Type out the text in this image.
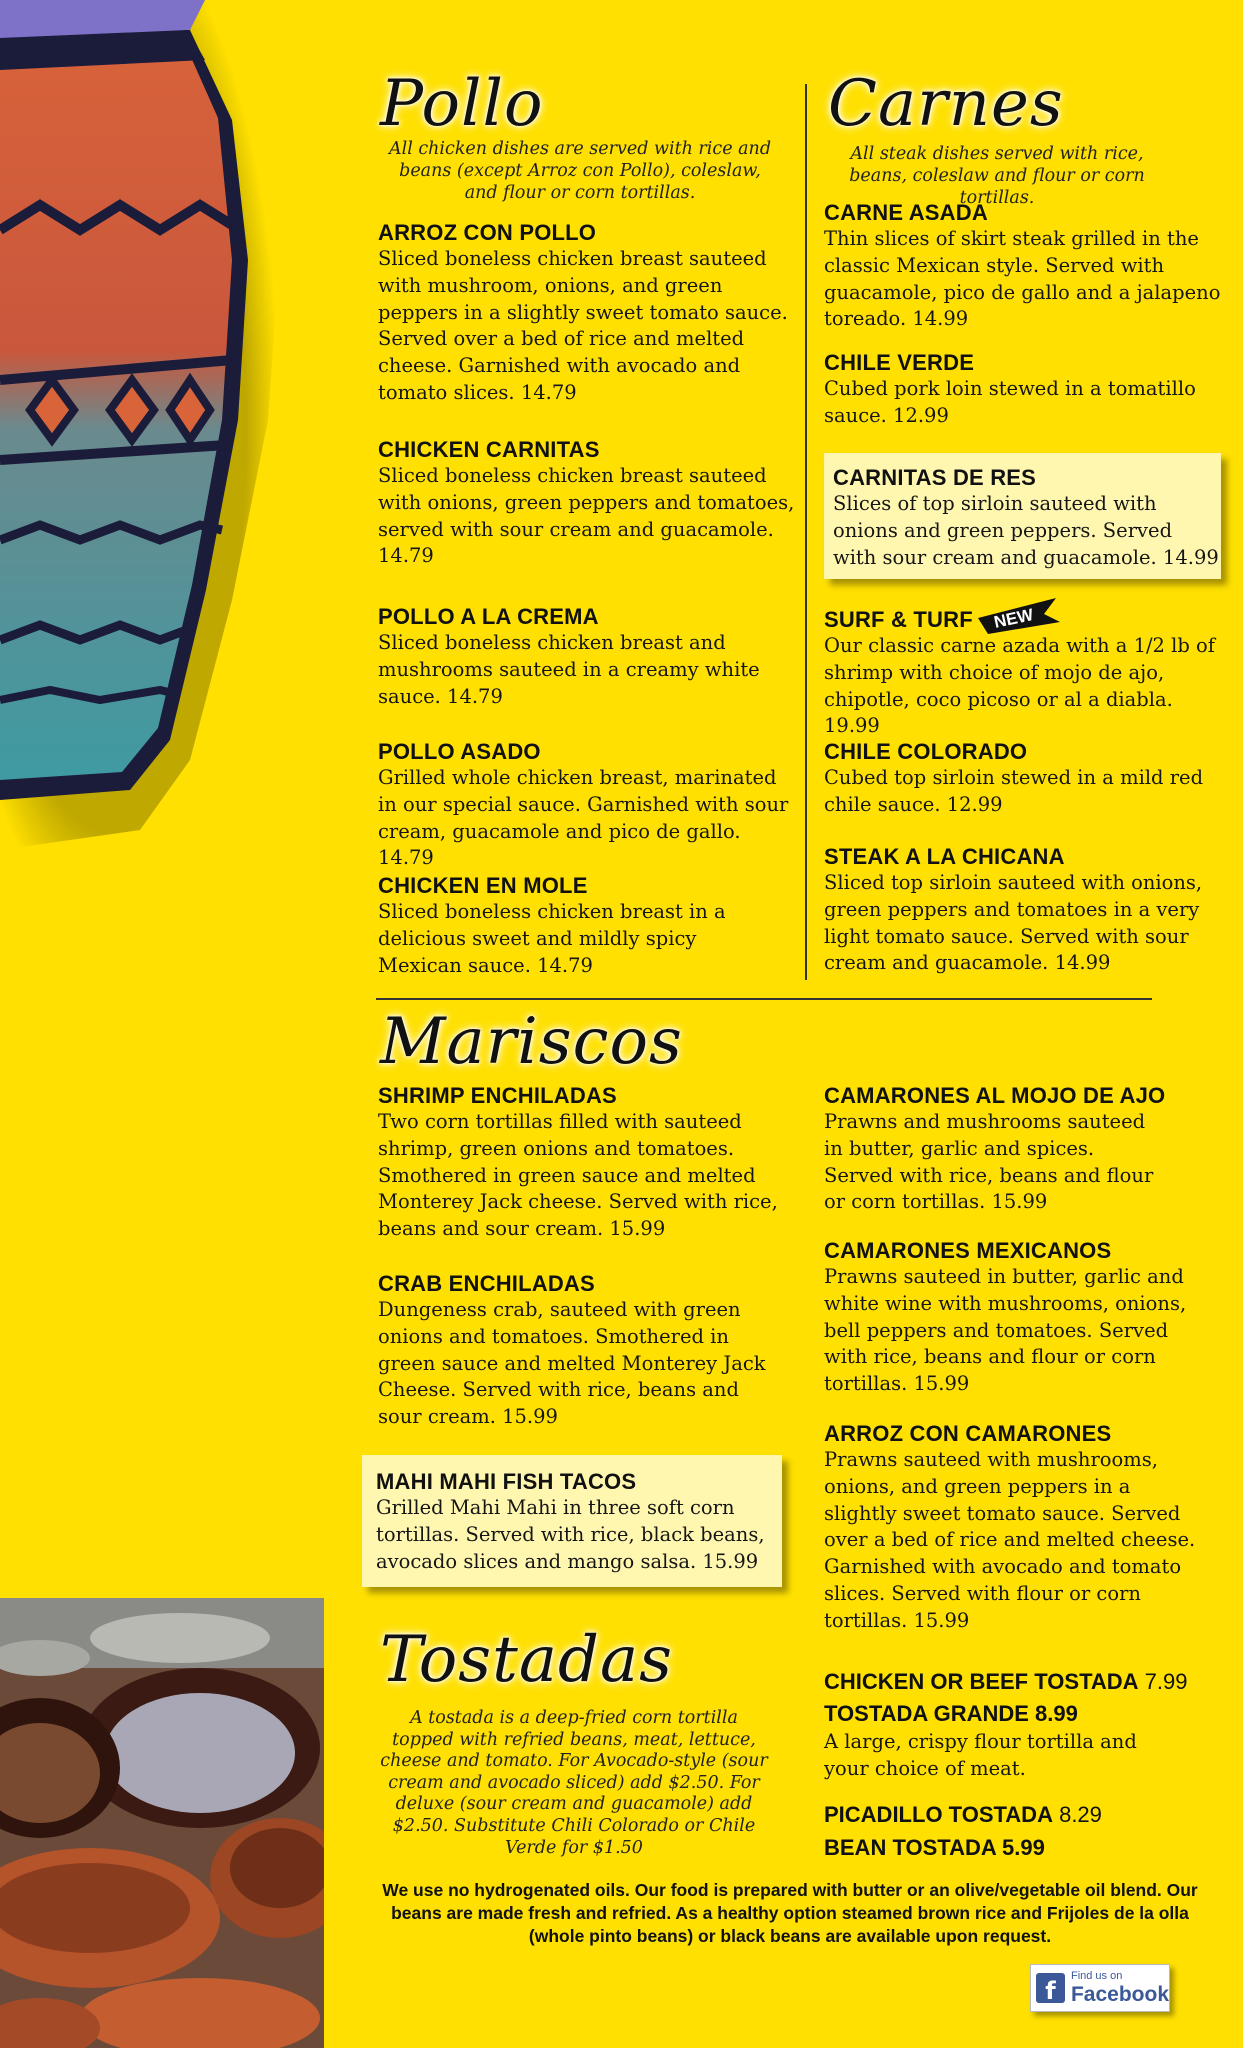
Pollo

All chicken dishes are served with rice and beans (except Arroz con Pollo), coleslaw, and flour or corn tortillas.

ARROZ CON POLLO
Sliced boneless chicken breast sauteed with mushroom, onions, and green peppers in a slightly sweet tomato sauce. Served over a bed of rice and melted cheese. Garnished with avocado and tomato slices. 14.79
CHICKEN CARNITAS
Sliced boneless chicken breast sauteed with onions, green peppers and tomatoes, served with sour cream and guacamole. 14.79
POLLO A LA CREMA
Sliced boneless chicken breast and mushrooms sauteed in a creamy white sauce. 14.79
POLLO ASADO
Grilled whole chicken breast, marinated in our special sauce. Garnished with sour cream, guacamole and pico de gallo. 14.79
CHICKEN EN MOLE
Sliced boneless chicken breast in a delicious sweet and mildly spicy Mexican sauce. 14.79
Carnes

All steak dishes served with rice, beans, coleslaw and flour or corn tortillas.

CARNE ASADA
Thin slices of skirt steak grilled in the classic Mexican style. Served with guacamole, pico de gallo and a jalapeno toreado. 14.99
CHILE VERDE
Cubed pork loin stewed in a tomatillo sauce. 12.99
CARNITAS DE RES
Slices of top sirloin sauteed with onions and green peppers. Served with sour cream and guacamole. 14.99
SURF & TURF
Our classic carne azada with a 1/2 lb of shrimp with choice of mojo de ajo, chipotle, coco picoso or al a diabla. 19.99
NEW
CHILE COLORADO
Cubed top sirloin stewed in a mild red chile sauce. 12.99
STEAK A LA CHICANA
Sliced top sirloin sauteed with onions, green peppers and tomatoes in a very light tomato sauce. Served with sour cream and guacamole. 14.99
Mariscos
SHRIMP ENCHILADAS
Two corn tortillas filled with sauteed shrimp, green onions and tomatoes. Smothered in green sauce and melted Monterey Jack cheese. Served with rice, beans and sour cream. 15.99
CRAB ENCHILADAS
Dungeness crab, sauteed with green onions and tomatoes. Smothered in green sauce and melted Monterey Jack Cheese. Served with rice, beans and sour cream. 15.99
MAHI MAHI FISH TACOS
Grilled Mahi Mahi in three soft corn tortillas. Served with rice, black beans, avocado slices and mango salsa. 15.99
CAMARONES AL MOJO DE AJO
Prawns and mushrooms sauteed in butter, garlic and spices. Served with rice, beans and flour or corn tortillas. 15.99
CAMARONES MEXICANOS
Prawns sauteed in butter, garlic and white wine with mushrooms, onions, bell peppers and tomatoes. Served with rice, beans and flour or corn tortillas. 15.99
ARROZ CON CAMARONES
Prawns sauteed with mushrooms, onions, and green peppers in a slightly sweet tomato sauce. Served over a bed of rice and melted cheese. Garnished with avocado and tomato slices. Served with flour or corn tortillas. 15.99
Tostadas

A tostada is a deep-fried corn tortilla topped with refried beans, meat, lettuce, cheese and tomato. For Avocado-style (sour cream and avocado sliced) add $2.50. For deluxe (sour cream and guacamole) add $2.50. Substitute Chili Colorado or Chile Verde for $1.50

CHICKEN OR BEEF TOSTADA 7.99
TOSTADA GRANDE 8.99
A large, crispy flour tortilla and your choice of meat.
PICADILLO TOSTADA 8.29
BEAN TOSTADA 5.99

We use no hydrogenated oils. Our food is prepared with butter or an olive/vegetable oil blend. Our beans are made fresh and refried. As a healthy option steamed brown rice and Frijoles de la olla (whole pinto beans) or black beans are available upon request.

f
Find us on
Facebook
